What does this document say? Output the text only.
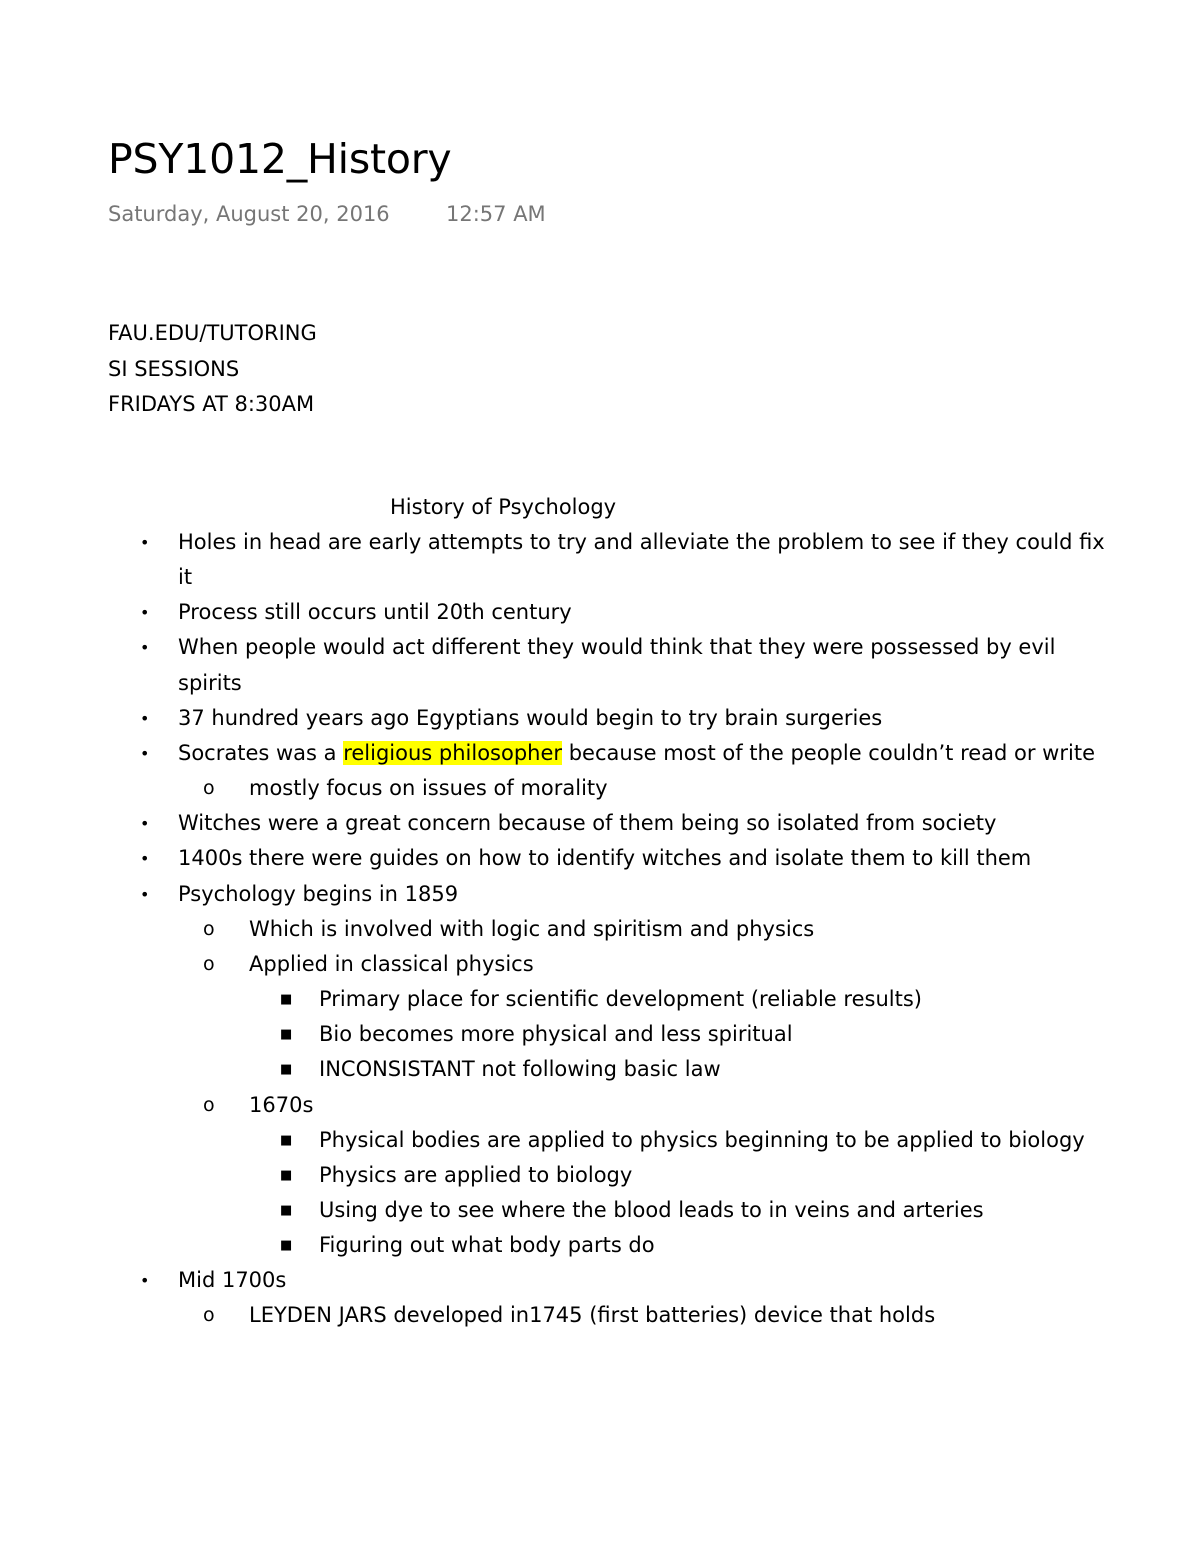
PSY1012_History
Saturday, August 20, 2016	12:57 AM
FAU.EDU/TUTORING
SI SESSIONS
FRIDAYS AT 8:30AM
History of Psychology
• Holes in head are early attempts to try and alleviate the problem to see if they could fix it
• Process still occurs until 20th century
• When people would act different they would think that they were possessed by evil spirits
• 37 hundred years ago Egyptians would begin to try brain surgeries
• Socrates was a religious philosopher because most of the people couldn’t read or write
o mostly focus on issues of morality
• Witches were a great concern because of them being so isolated from society
• 1400s there were guides on how to identify witches and isolate them to kill them
• Psychology begins in 1859
o Which is involved with logic and spiritism and physics
o Applied in classical physics
■ Primary place for scientific development (reliable results)
■ Bio becomes more physical and less spiritual
■ INCONSISTANT not following basic law
o 1670s
■ Physical bodies are applied to physics beginning to be applied to biology
■ Physics are applied to biology
■ Using dye to see where the blood leads to in veins and arteries
■ Figuring out what body parts do
• Mid 1700s
o LEYDEN JARS developed in1745 (first batteries) device that holds
